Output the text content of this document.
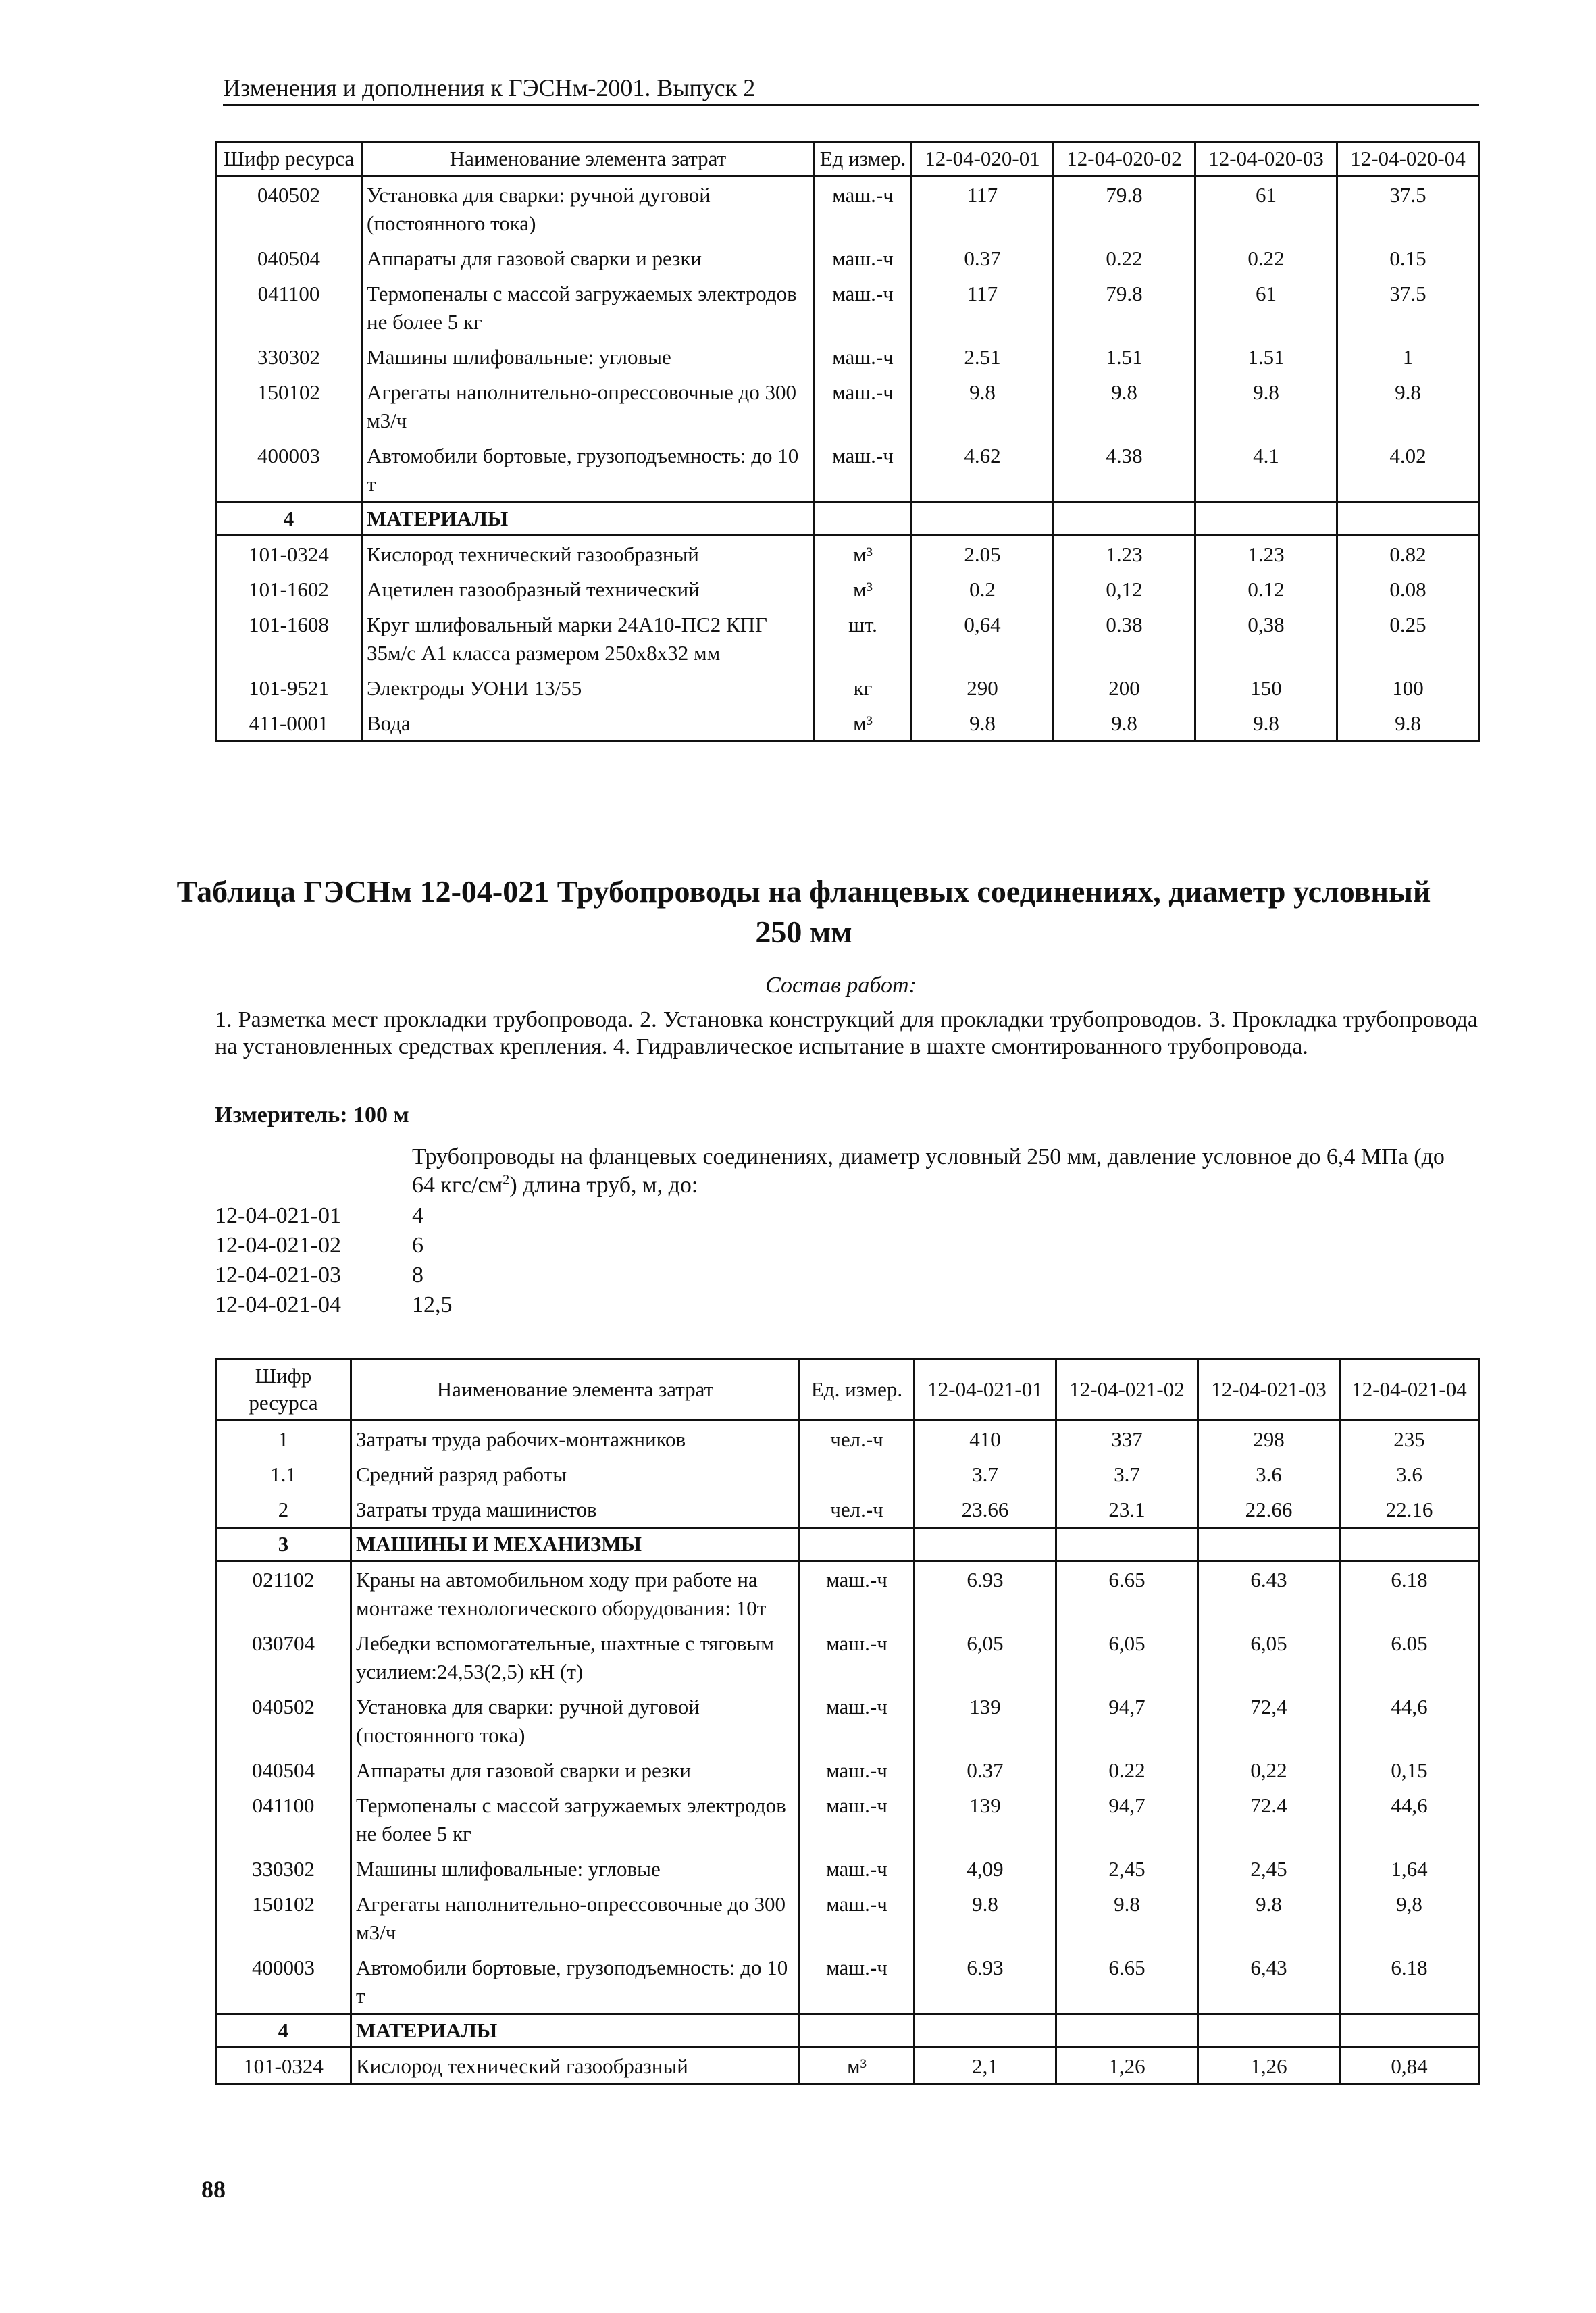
Изменения и дополнения к ГЭСНм-2001. Выпуск 2
Шифр ресурса	Наименование элемента затрат	Ед измер.	12-04-020-01	12-04-020-02	12-04-020-03	12-04-020-04
040502	Установка для сварки: ручной дуговой (постоянного тока)	маш.-ч	117	79.8	61	37.5
040504	Аппараты для газовой сварки и резки	маш.-ч	0.37	0.22	0.22	0.15
041100	Термопеналы с массой загружаемых электродов не более 5 кг	маш.-ч	117	79.8	61	37.5
330302	Машины шлифовальные: угловые	маш.-ч	2.51	1.51	1.51	1
150102	Агрегаты наполнительно-опрессовочные до 300 м3/ч	маш.-ч	9.8	9.8	9.8	9.8
400003	Автомобили бортовые, грузоподъемность: до 10 т	маш.-ч	4.62	4.38	4.1	4.02
4	МАТЕРИАЛЫ					
101-0324	Кислород технический газообразный	м³	2.05	1.23	1.23	0.82
101-1602	Ацетилен газообразный технический	м³	0.2	0,12	0.12	0.08
101-1608	Круг шлифовальный марки 24А10-ПС2 КПГ 35м/с А1 класса размером 250х8х32 мм	шт.	0,64	0.38	0,38	0.25
101-9521	Электроды УОНИ 13/55	кг	290	200	150	100
411-0001	Вода	м³	9.8	9.8	9.8	9.8
Таблица ГЭСНм 12-04-021 Трубопроводы на фланцевых соединениях, диаметр условный 250 мм
Состав работ:
1. Разметка мест прокладки трубопровода. 2. Установка конструкций для прокладки трубопроводов. 3. Прокладка трубопровода на установленных средствах крепления. 4. Гидравлическое испытание в шахте смонтированного трубопровода.
Измеритель: 100 м
Трубопроводы на фланцевых соединениях, диаметр условный 250 мм, давление условное до 6,4 МПа (до 64 кгс/$см^2$) длина труб, м, до:
12-04-021-01	4
12-04-021-02	6
12-04-021-03	8
12-04-021-04	12,5
Шифр ресурса	Наименование элемента затрат	Ед. измер.	12-04-021-01	12-04-021-02	12-04-021-03	12-04-021-04
1	Затраты труда рабочих-монтажников	чел.-ч	410	337	298	235
1.1	Средний разряд работы		3.7	3.7	3.6	3.6
2	Затраты труда машинистов	чел.-ч	23.66	23.1	22.66	22.16
3	МАШИНЫ И МЕХАНИЗМЫ					
021102	Краны на автомобильном ходу при работе на монтаже технологического оборудования: 10т	маш.-ч	6.93	6.65	6.43	6.18
030704	Лебедки вспомогательные, шахтные с тяговым усилием:24,53(2,5) кН (т)	маш.-ч	6,05	6,05	6,05	6.05
040502	Установка для сварки: ручной дуговой (постоянного тока)	маш.-ч	139	94,7	72,4	44,6
040504	Аппараты для газовой сварки и резки	маш.-ч	0.37	0.22	0,22	0,15
041100	Термопеналы с массой загружаемых электродов не более 5 кг	маш.-ч	139	94,7	72.4	44,6
330302	Машины шлифовальные: угловые	маш.-ч	4,09	2,45	2,45	1,64
150102	Агрегаты наполнительно-опрессовочные до 300 м3/ч	маш.-ч	9.8	9.8	9.8	9,8
400003	Автомобили бортовые, грузоподъемность: до 10 т	маш.-ч	6.93	6.65	6,43	6.18
4	МАТЕРИАЛЫ					
101-0324	Кислород технический газообразный	м³	2,1	1,26	1,26	0,84
88
